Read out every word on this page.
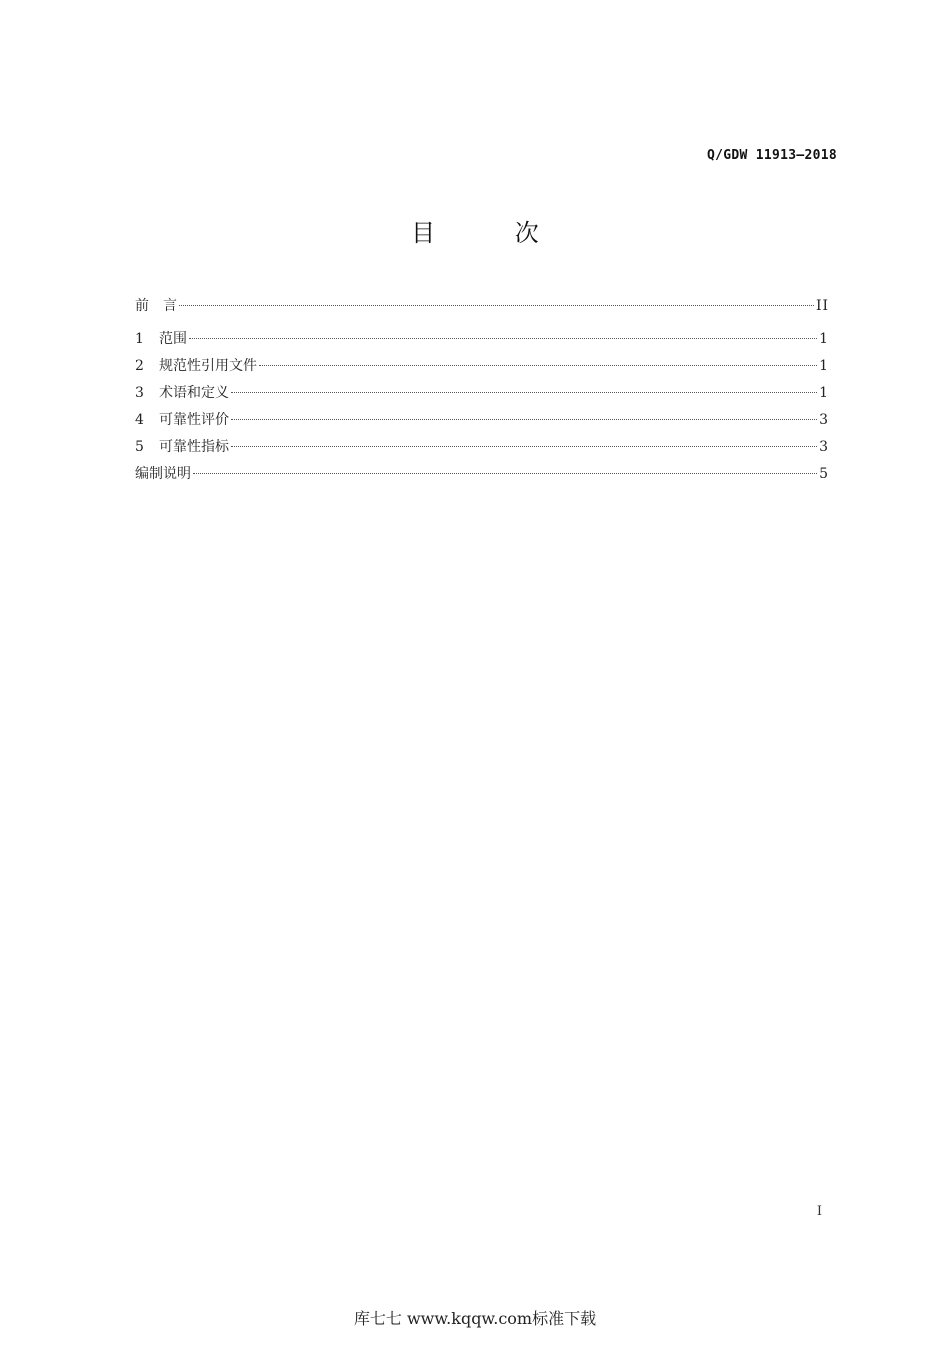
Q/GDW 11913—2018
目 次
前　言	II
1	范围	1
2	规范性引用文件	1
3	术语和定义	1
4	可靠性评价	3
5	可靠性指标	3
编制说明	5
I
库七七 www.kqqw.com标准下载
